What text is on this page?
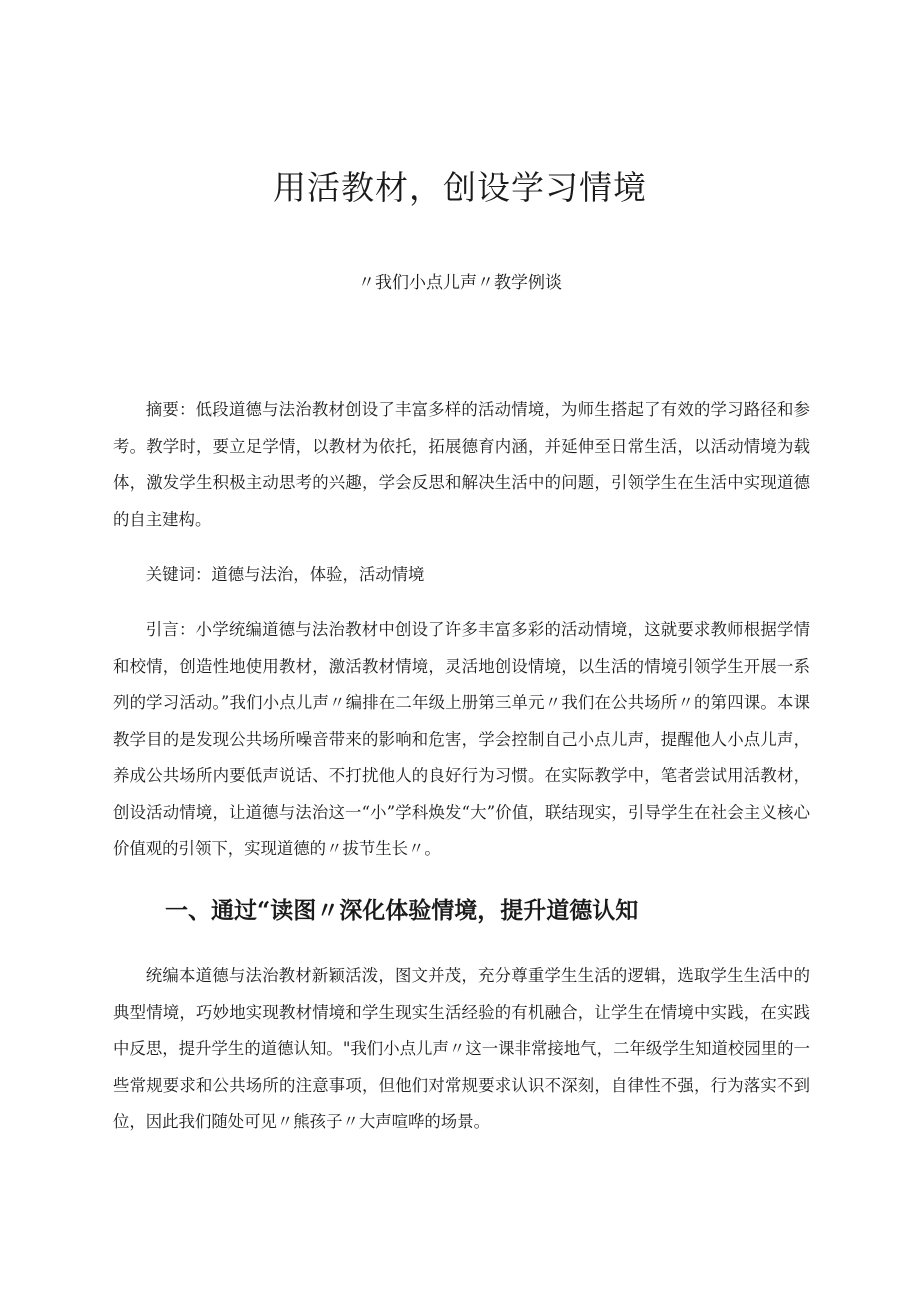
用活教材，创设学习情境
〃我们小点儿声〃教学例谈

摘要：低段道德与法治教材创设了丰富多样的活动情境，为师生搭起了有效的学习路径和参考。教学时，要立足学情，以教材为依托，拓展德育内涵，并延伸至日常生活，以活动情境为载体，激发学生积极主动思考的兴趣，学会反思和解决生活中的问题，引领学生在生活中实现道德的自主建构。

关键词：道德与法治，体验，活动情境

引言：小学统编道德与法治教材中创设了许多丰富多彩的活动情境，这就要求教师根据学情和校情，创造性地使用教材，激活教材情境，灵活地创设情境，以生活的情境引领学生开展一系列的学习活动。”我们小点儿声〃编排在二年级上册第三单元〃我们在公共场所〃的第四课。本课教学目的是发现公共场所噪音带来的影响和危害，学会控制自己小点儿声，提醒他人小点儿声，养成公共场所内要低声说话、不打扰他人的良好行为习惯。在实际教学中，笔者尝试用活教材，创设活动情境，让道德与法治这一“小”学科焕发“大”价值，联结现实，引导学生在社会主义核心价值观的引领下，实现道德的〃拔节生长〃。

一、通过“读图〃深化体验情境，提升道德认知

统编本道德与法治教材新颖活泼，图文并茂，充分尊重学生生活的逻辑，选取学生生活中的典型情境，巧妙地实现教材情境和学生现实生活经验的有机融合，让学生在情境中实践，在实践中反思，提升学生的道德认知。"我们小点儿声〃这一课非常接地气，二年级学生知道校园里的一些常规要求和公共场所的注意事项，但他们对常规要求认识不深刻，自律性不强，行为落实不到位，因此我们随处可见〃熊孩子〃大声喧哗的场景。
